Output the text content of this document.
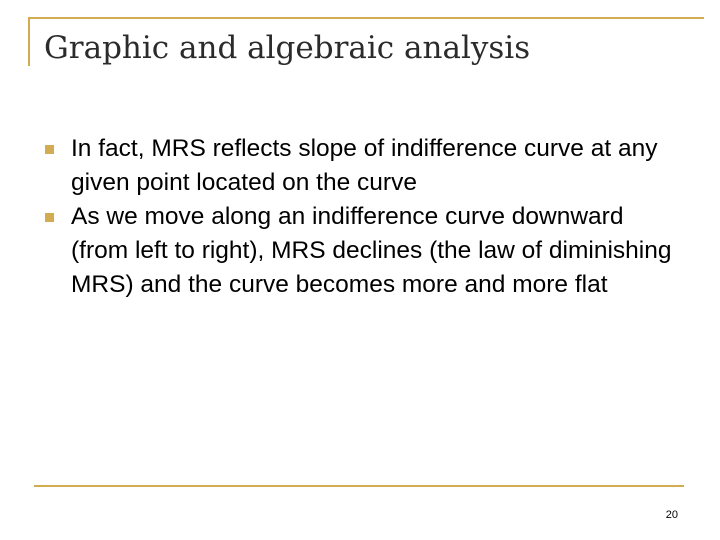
Graphic and algebraic analysis
In fact, MRS reflects slope of indifference curve at any given point located on the curve
As we move along an indifference curve downward (from left to right), MRS declines (the law of diminishing MRS) and the curve becomes more and more flat
20
